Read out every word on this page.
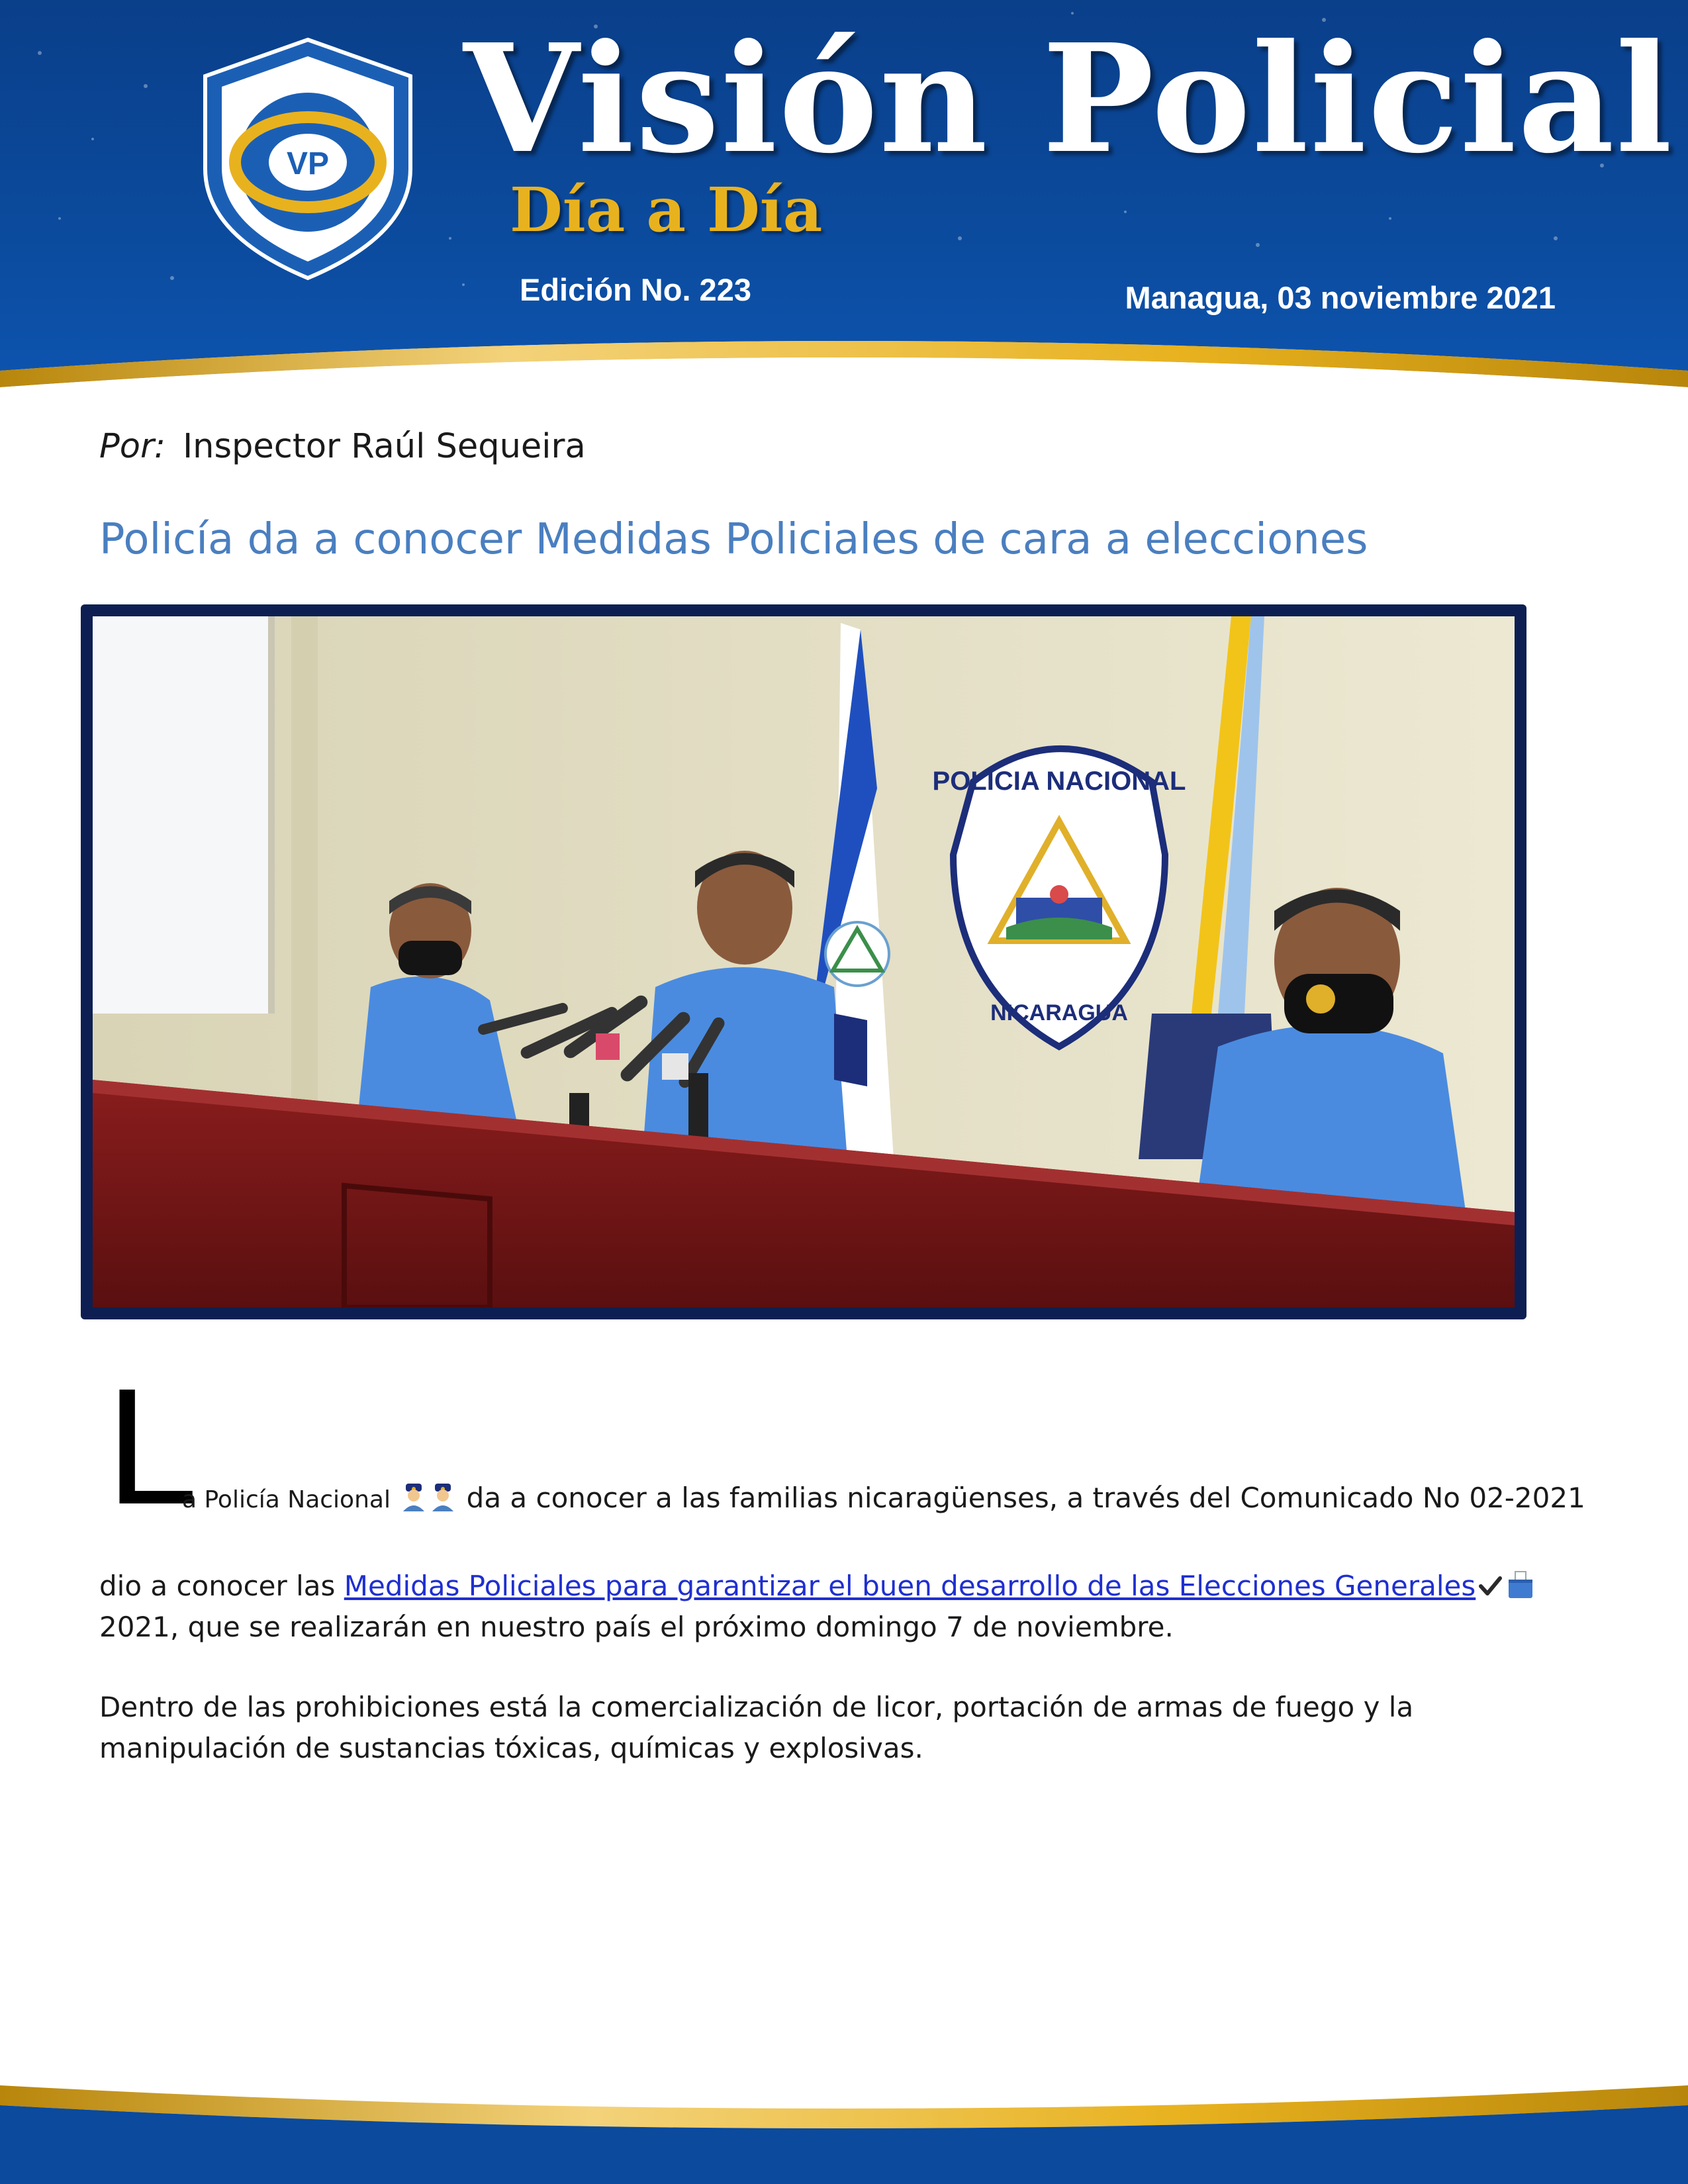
VP Visión Policial
Día a Día
Edición No. 223	Managua, 03 noviembre 2021
Por: Inspector Raúl Sequeira
Policía da a conocer Medidas Policiales de cara a elecciones
POLICIA NACIONAL
NICARAGUA
L
a Policía Nacional	da a conocer a las familias nicaragüenses, a través del Comunicado No 02-2021
dio a conocer las Medidas Policiales para garantizar el buen desarrollo de las Elecciones Generales 2021, que se realizarán en nuestro país el próximo domingo 7 de noviembre.
Dentro de las prohibiciones está la comercialización de licor, portación de armas de fuego y la manipulación de sustancias tóxicas, químicas y explosivas.
